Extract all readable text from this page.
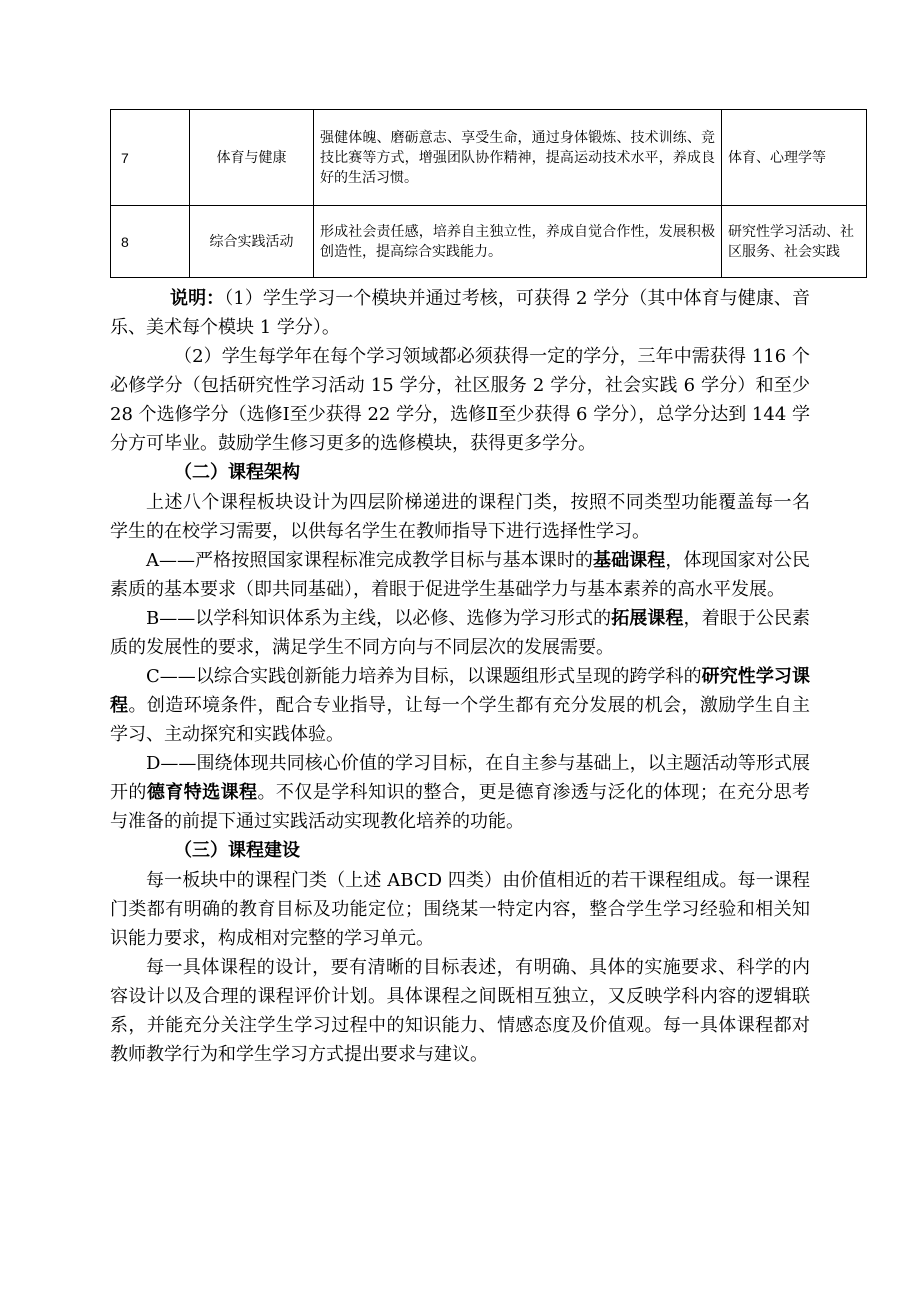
7	体育与健康	强健体魄、磨砺意志、享受生命，通过身体锻炼、技术训练、竞技比赛等方式，增强团队协作精神，提高运动技术水平，养成良好的生活习惯。	体育、心理学等
8	综合实践活动	形成社会责任感，培养自主独立性，养成自觉合作性，发展积极创造性，提高综合实践能力。	研究性学习活动、社区服务、社会实践

说明：（1）学生学习一个模块并通过考核，可获得 2 学分（其中体育与健康、音乐、美术每个模块 1 学分）。

（2）学生每学年在每个学习领域都必须获得一定的学分，三年中需获得 116 个必修学分（包括研究性学习活动 15 学分，社区服务 2 学分，社会实践 6 学分）和至少 28 个选修学分（选修Ⅰ至少获得 22 学分，选修Ⅱ至少获得 6 学分），总学分达到 144 学分方可毕业。鼓励学生修习更多的选修模块，获得更多学分。

（二）课程架构

上述八个课程板块设计为四层阶梯递进的课程门类，按照不同类型功能覆盖每一名学生的在校学习需要，以供每名学生在教师指导下进行选择性学习。

A——严格按照国家课程标准完成教学目标与基本课时的基础课程，体现国家对公民素质的基本要求（即共同基础），着眼于促进学生基础学力与基本素养的高水平发展。

B——以学科知识体系为主线，以必修、选修为学习形式的拓展课程，着眼于公民素质的发展性的要求，满足学生不同方向与不同层次的发展需要。

C——以综合实践创新能力培养为目标，以课题组形式呈现的跨学科的研究性学习课程。创造环境条件，配合专业指导，让每一个学生都有充分发展的机会，激励学生自主学习、主动探究和实践体验。

D——围绕体现共同核心价值的学习目标，在自主参与基础上，以主题活动等形式展开的德育特选课程。不仅是学科知识的整合，更是德育渗透与泛化的体现；在充分思考与准备的前提下通过实践活动实现教化培养的功能。

（三）课程建设

每一板块中的课程门类（上述 ABCD 四类）由价值相近的若干课程组成。每一课程门类都有明确的教育目标及功能定位；围绕某一特定内容，整合学生学习经验和相关知识能力要求，构成相对完整的学习单元。

每一具体课程的设计，要有清晰的目标表述，有明确、具体的实施要求、科学的内容设计以及合理的课程评价计划。具体课程之间既相互独立，又反映学科内容的逻辑联系，并能充分关注学生学习过程中的知识能力、情感态度及价值观。每一具体课程都对教师教学行为和学生学习方式提出要求与建议。
